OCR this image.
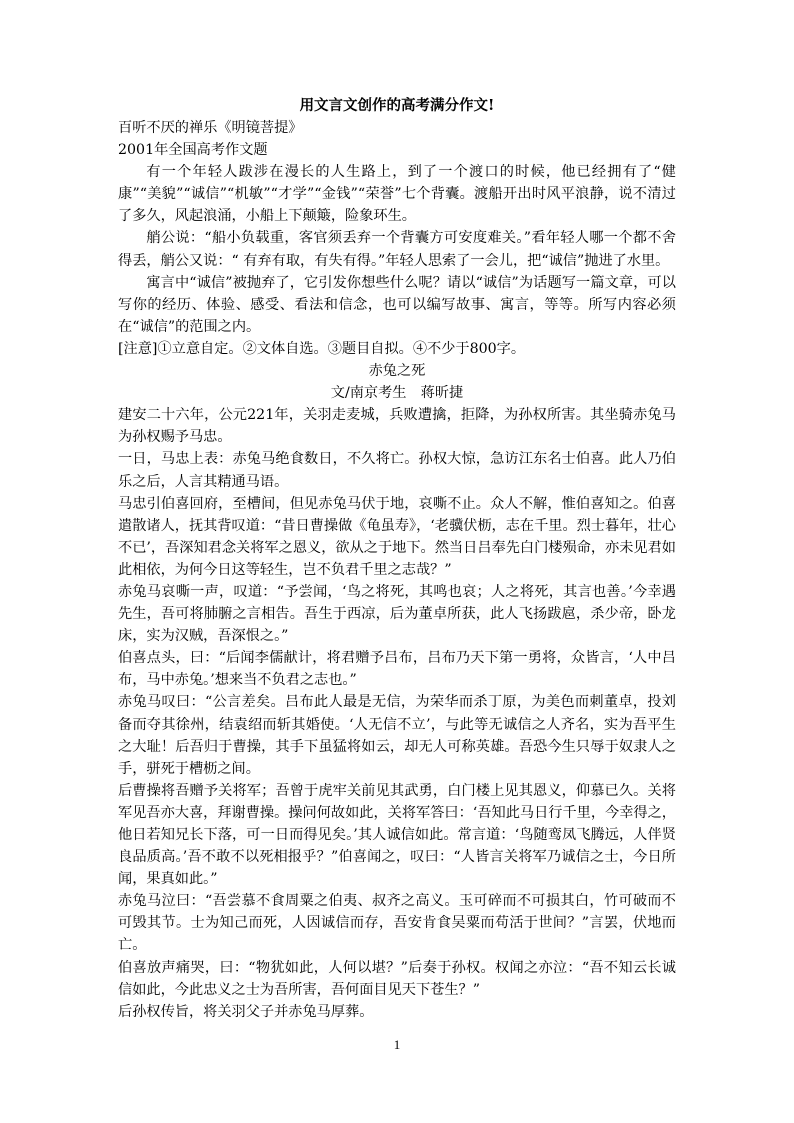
用文言文创作的高考满分作文!

百听不厌的禅乐《明镜菩提》

2001年全国高考作文题

有一个年轻人跋涉在漫长的人生路上，到了一个渡口的时候，他已经拥有了“健康”“美貌”“诚信”“机敏”“才学”“金钱”“荣誉”七个背囊。渡船开出时风平浪静，说不清过了多久，风起浪涌，小船上下颠簸，险象环生。

艄公说：“船小负载重，客官须丢弃一个背囊方可安度难关。”看年轻人哪一个都不舍得丢，艄公又说：“ 有弃有取，有失有得。”年轻人思索了一会儿，把“诚信”抛进了水里。

寓言中“诚信”被抛弃了，它引发你想些什么呢？请以“诚信”为话题写一篇文章，可以写你的经历、体验、感受、看法和信念，也可以编写故事、寓言，等等。所写内容必须在“诚信”的范围之内。

[注意]①立意自定。②文体自选。③题目自拟。④不少于800字。

赤兔之死

文/南京考生　蒋昕捷

建安二十六年，公元221年，关羽走麦城，兵败遭擒，拒降，为孙权所害。其坐骑赤兔马为孙权赐予马忠。

一日，马忠上表：赤兔马绝食数日，不久将亡。孙权大惊，急访江东名士伯喜。此人乃伯乐之后，人言其精通马语。

马忠引伯喜回府，至槽间，但见赤兔马伏于地，哀嘶不止。众人不解，惟伯喜知之。伯喜遣散诸人，抚其背叹道：“昔日曹操做《龟虽寿》，‘老骥伏枥，志在千里。烈士暮年，壮心不已’，吾深知君念关将军之恩义，欲从之于地下。然当日吕奉先白门楼殒命，亦未见君如此相依，为何今日这等轻生，岂不负君千里之志哉？”

赤兔马哀嘶一声，叹道：“予尝闻，‘鸟之将死，其鸣也哀；人之将死，其言也善。’今幸遇先生，吾可将肺腑之言相告。吾生于西凉，后为董卓所获，此人飞扬跋扈，杀少帝，卧龙床，实为汉贼，吾深恨之。”

伯喜点头，曰：“后闻李儒献计，将君赠予吕布，吕布乃天下第一勇将，众皆言，‘人中吕布，马中赤兔。’想来当不负君之志也。”

赤兔马叹曰：“公言差矣。吕布此人最是无信，为荣华而杀丁原，为美色而刺董卓，投刘备而夺其徐州，结袁绍而斩其婚使。‘人无信不立’，与此等无诚信之人齐名，实为吾平生之大耻！后吾归于曹操，其手下虽猛将如云，却无人可称英雄。吾恐今生只辱于奴隶人之手，骈死于槽枥之间。

后曹操将吾赠予关将军；吾曾于虎牢关前见其武勇，白门楼上见其恩义，仰慕已久。关将军见吾亦大喜，拜谢曹操。操问何故如此，关将军答曰：‘吾知此马日行千里，今幸得之，他日若知兄长下落，可一日而得见矣。’其人诚信如此。常言道：‘鸟随鸾凤飞腾远，人伴贤良品质高。’吾不敢不以死相报乎？”伯喜闻之，叹曰：“人皆言关将军乃诚信之士，今日所闻，果真如此。”

赤兔马泣曰：“吾尝慕不食周粟之伯夷、叔齐之高义。玉可碎而不可损其白，竹可破而不可毁其节。士为知己而死，人因诚信而存，吾安肯食吴粟而苟活于世间？”言罢，伏地而亡。

伯喜放声痛哭，曰：“物犹如此，人何以堪？”后奏于孙权。权闻之亦泣：“吾不知云长诚信如此，今此忠义之士为吾所害，吾何面目见天下苍生？”

后孙权传旨，将关羽父子并赤兔马厚葬。

1
